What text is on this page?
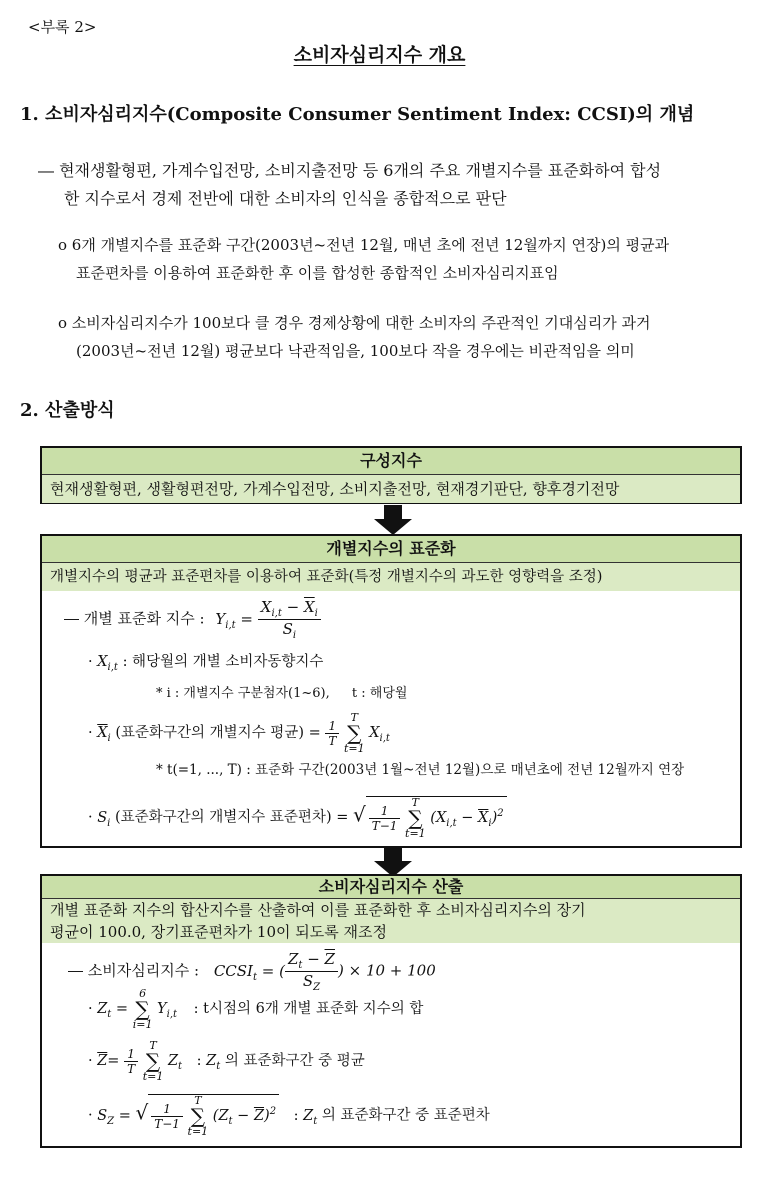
<부록 2>
소비자심리지수 개요
1. 소비자심리지수(Composite Consumer Sentiment Index: CCSI)의 개념
― 현재생활형편, 가계수입전망, 소비지출전망 등 6개의 주요 개별지수를 표준화하여 합성
한 지수로서 경제 전반에 대한 소비자의 인식을 종합적으로 판단
o 6개 개별지수를 표준화 구간(2003년~전년 12월, 매년 초에 전년 12월까지 연장)의 평균과
표준편차를 이용하여 표준화한 후 이를 합성한 종합적인 소비자심리지표임
o 소비자심리지수가 100보다 클 경우 경제상황에 대한 소비자의 주관적인 기대심리가 과거
(2003년~전년 12월) 평균보다 낙관적임을, 100보다 작을 경우에는 비관적임을 의미
2. 산출방식
구성지수
현재생활형편, 생활형편전망, 가계수입전망, 소비지출전망, 현재경기판단, 향후경기전망
개별지수의 표준화
개별지수의 평균과 표준편차를 이용하여 표준화(특정 개별지수의 과도한 영향력을 조정)
― 개별 표준화 지수 : $Y_{i,t} = \frac{X_{i,t} - \overline{X}_i}{S_i}$
· $X_{i,t}$ : 해당월의 개별 소비자동향지수
* i : 개별지수 구분첨자(1~6), t : 해당월
· $\overline{X}_i$ (표준화구간의 개별지수 평균) = $\frac{1}{T}$
T
∑
t=1 $X_{i,t}$
* t(=1, ..., T) : 표준화 구간(2003년 1월~전년 12월)으로 매년초에 전년 12월까지 연장
· $S_i$ (표준화구간의 개별지수 표준편차) = √ $\frac{1}{T-1}$
T
∑
t=1 $(X_{i,t} - \overline{X}_i)^2$
소비자심리지수 산출
개별 표준화 지수의 합산지수를 산출하여 이를 표준화한 후 소비자심리지수의 장기
평균이 100.0, 장기표준편차가 10이 되도록 재조정
― 소비자심리지수 : $CCSI_t$ = ( $\frac{Z_t - \overline{Z}}{S_Z}$ ) × 10 + 100
· $Z_t = 6$
∑
i=1 $Y_{i,t}$ : t시점의 6개 개별 표준화 지수의 합
· $\overline{Z}= \frac{1}{T}$
T
∑
t=1 $Z_t$ : $Z_t$ 의 표준화구간 중 평균
· $S_Z$ = √ $\frac{1}{T-1}$
T
∑
t=1 $(Z_t - \overline{Z})^2$ : $Z_t$ 의 표준화구간 중 표준편차
